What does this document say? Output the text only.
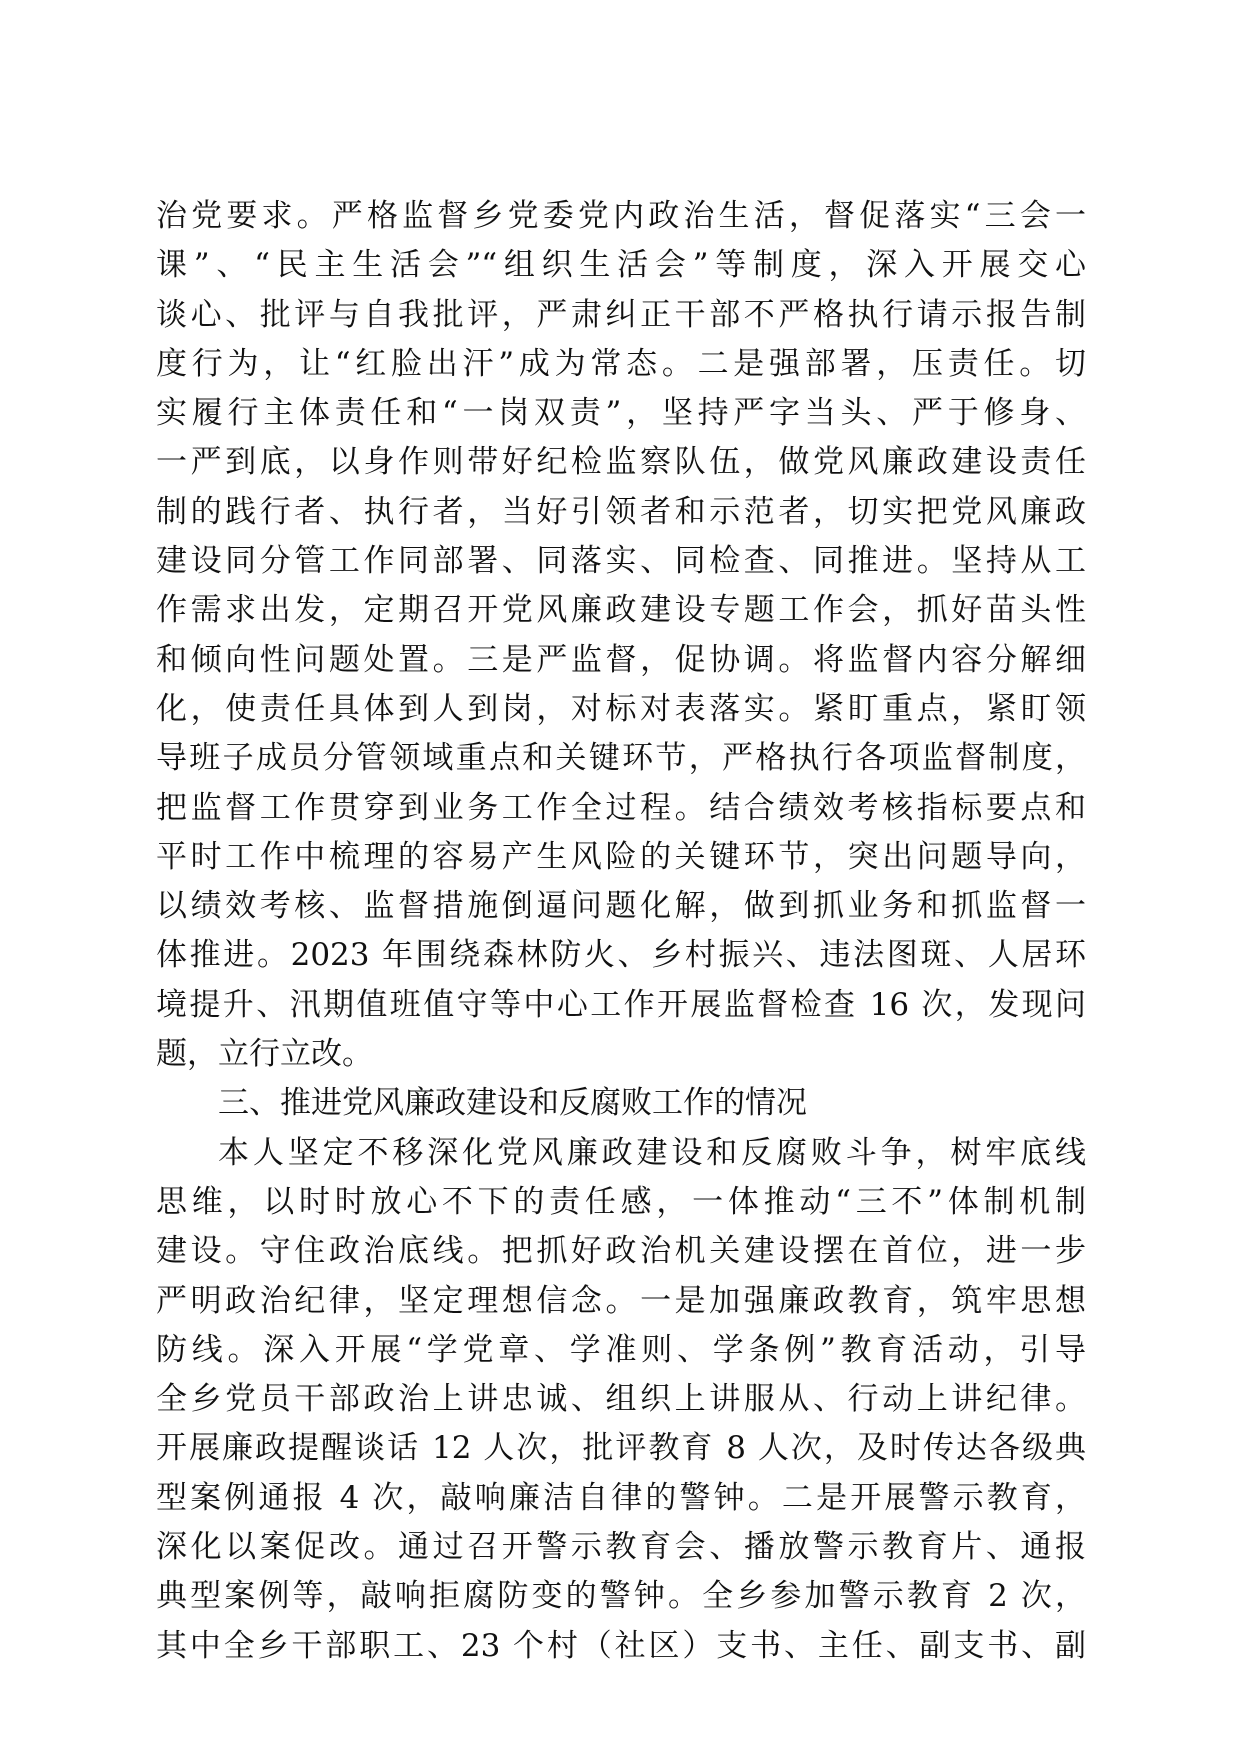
治党要求。严格监督乡党委党内政治生活，督促落实“三会一
课”、“民主生活会”“组织生活会”等制度，深入开展交心
谈心、批评与自我批评，严肃纠正干部不严格执行请示报告制
度行为，让“红脸出汗”成为常态。二是强部署，压责任。切
实履行主体责任和“一岗双责”，坚持严字当头、严于修身、
一严到底，以身作则带好纪检监察队伍，做党风廉政建设责任
制的践行者、执行者，当好引领者和示范者，切实把党风廉政
建设同分管工作同部署、同落实、同检查、同推进。坚持从工
作需求出发，定期召开党风廉政建设专题工作会，抓好苗头性
和倾向性问题处置。三是严监督，促协调。将监督内容分解细
化，使责任具体到人到岗，对标对表落实。紧盯重点，紧盯领
导班子成员分管领域重点和关键环节，严格执行各项监督制度，
把监督工作贯穿到业务工作全过程。结合绩效考核指标要点和
平时工作中梳理的容易产生风险的关键环节，突出问题导向，
以绩效考核、监督措施倒逼问题化解，做到抓业务和抓监督一
体推进。2023 年围绕森林防火、乡村振兴、违法图斑、人居环
境提升、汛期值班值守等中心工作开展监督检查 16 次，发现问
题，立行立改。
三、推进党风廉政建设和反腐败工作的情况
本人坚定不移深化党风廉政建设和反腐败斗争，树牢底线
思维，以时时放心不下的责任感，一体推动“三不”体制机制
建设。守住政治底线。把抓好政治机关建设摆在首位，进一步
严明政治纪律，坚定理想信念。一是加强廉政教育，筑牢思想
防线。深入开展“学党章、学准则、学条例”教育活动，引导
全乡党员干部政治上讲忠诚、组织上讲服从、行动上讲纪律。
开展廉政提醒谈话 12 人次，批评教育 8 人次，及时传达各级典
型案例通报 4 次，敲响廉洁自律的警钟。二是开展警示教育，
深化以案促改。通过召开警示教育会、播放警示教育片、通报
典型案例等，敲响拒腐防变的警钟。全乡参加警示教育 2 次，
其中全乡干部职工、23 个村（社区）支书、主任、副支书、副
